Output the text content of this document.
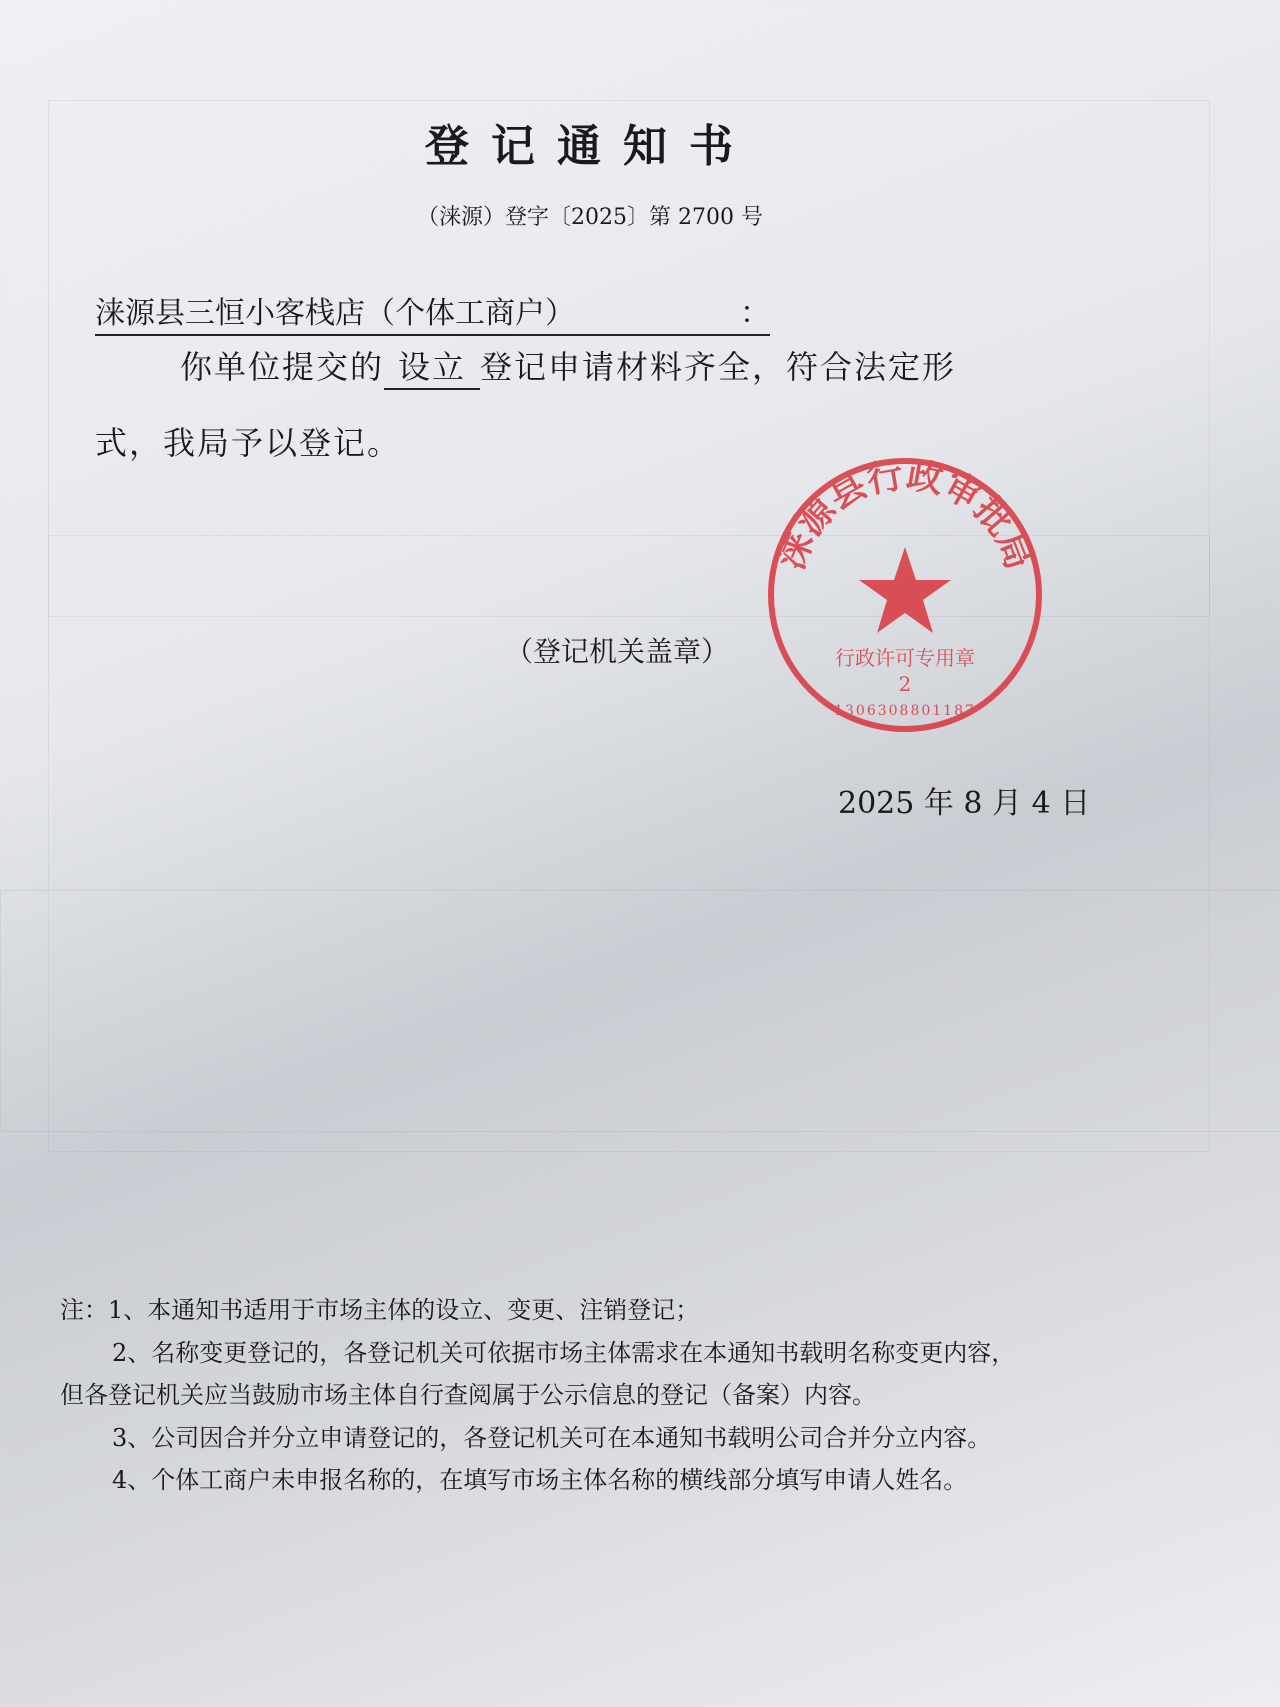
登记通知书
（涞源）登字〔2025〕第 2700 号
涞源县三恒小客栈店（个体工商户）	：
你单位提交的 设立 登记申请材料齐全，符合法定形
式，我局予以登记。
涞源县行政审批局
行政许可专用章
2
1306308801187
（登记机关盖章）
2025 年 8 月 4 日
注：1、本通知书适用于市场主体的设立、变更、注销登记；
2、名称变更登记的，各登记机关可依据市场主体需求在本通知书载明名称变更内容，
但各登记机关应当鼓励市场主体自行查阅属于公示信息的登记（备案）内容。
3、公司因合并分立申请登记的，各登记机关可在本通知书载明公司合并分立内容。
4、个体工商户未申报名称的，在填写市场主体名称的横线部分填写申请人姓名。
